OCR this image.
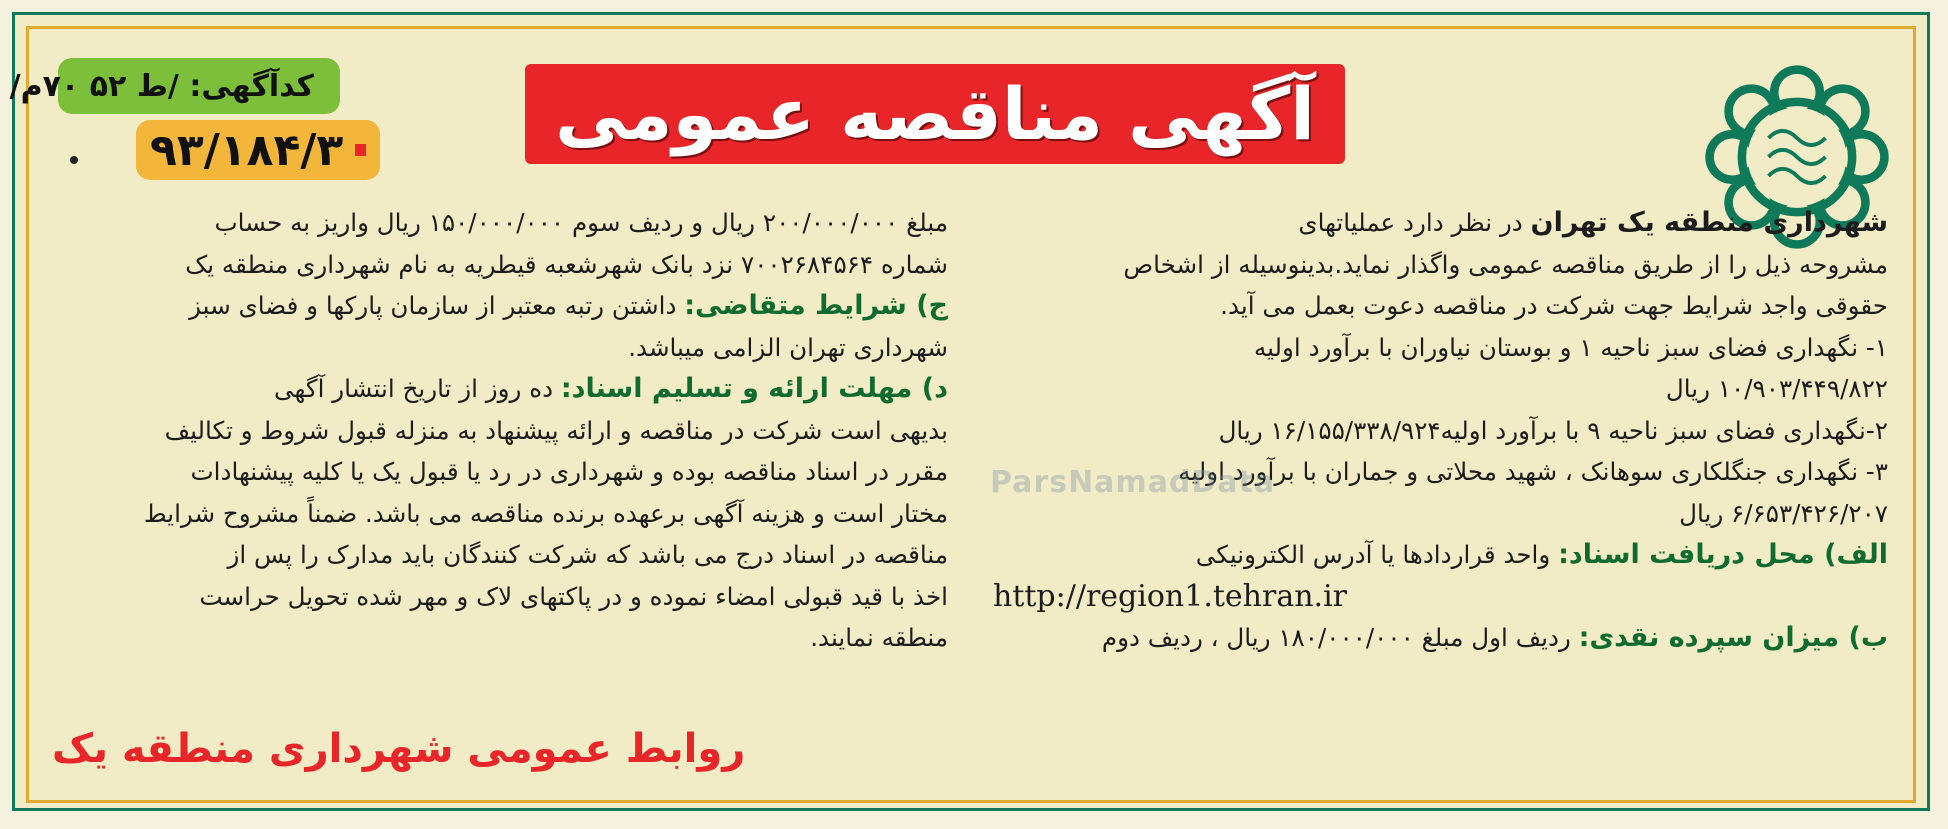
کدآگهی: /ط ۵۲ ۷۰م/
۹۳/۱۸۴/۳	آگهی مناقصه عمومی
شهرداری منطقه یک تهران در نظر دارد عملیاتهای
مشروحه ذیل را از طریق مناقصه عمومی واگذار نماید.بدینوسیله از اشخاص
حقوقی واجد شرایط جهت شرکت در مناقصه دعوت بعمل می آید.
۱- نگهداری فضای سبز ناحیه ۱ و بوستان نیاوران با برآورد اولیه
۱۰/۹۰۳/۴۴۹/۸۲۲ ریال
۲-نگهداری فضای سبز ناحیه ۹ با برآورد اولیه۱۶/۱۵۵/۳۳۸/۹۲۴ ریال
۳- نگهداری جنگلکاری سوهانک ، شهید محلاتی و جماران با برآورد اولیه
۶/۶۵۳/۴۲۶/۲۰۷ ریال
الف) محل دریافت اسناد: واحد قراردادها یا آدرس الکترونیکی
http://region1.tehran.ir
ب) میزان سپرده نقدی: ردیف اول مبلغ ۱۸۰/۰۰۰/۰۰۰ ریال ، ردیف دوم
مبلغ ۲۰۰/۰۰۰/۰۰۰ ریال و ردیف سوم ۱۵۰/۰۰۰/۰۰۰ ریال واریز به حساب
شماره ۷۰۰۲۶۸۴۵۶۴ نزد بانک شهرشعبه قیطریه به نام شهرداری منطقه یک
ج) شرایط متقاضی: داشتن رتبه معتبر از سازمان پارکها و فضای سبز
شهرداری تهران الزامی میباشد.
د) مهلت ارائه و تسلیم اسناد: ده روز از تاریخ انتشار آگهی
بدیهی است شرکت در مناقصه و ارائه پیشنهاد به منزله قبول شروط و تکالیف
مقرر در اسناد مناقصه بوده و شهرداری در رد یا قبول یک یا کلیه پیشنهادات
مختار است و هزینه آگهی برعهده برنده مناقصه می باشد. ضمناً مشروح شرایط
مناقصه در اسناد درج می باشد که شرکت کنندگان باید مدارک را پس از
اخذ با قید قبولی امضاء نموده و در پاکتهای لاک و مهر شده تحویل حراست
منطقه نمایند.
روابط عمومی شهرداری منطقه یک
ParsNamadData
